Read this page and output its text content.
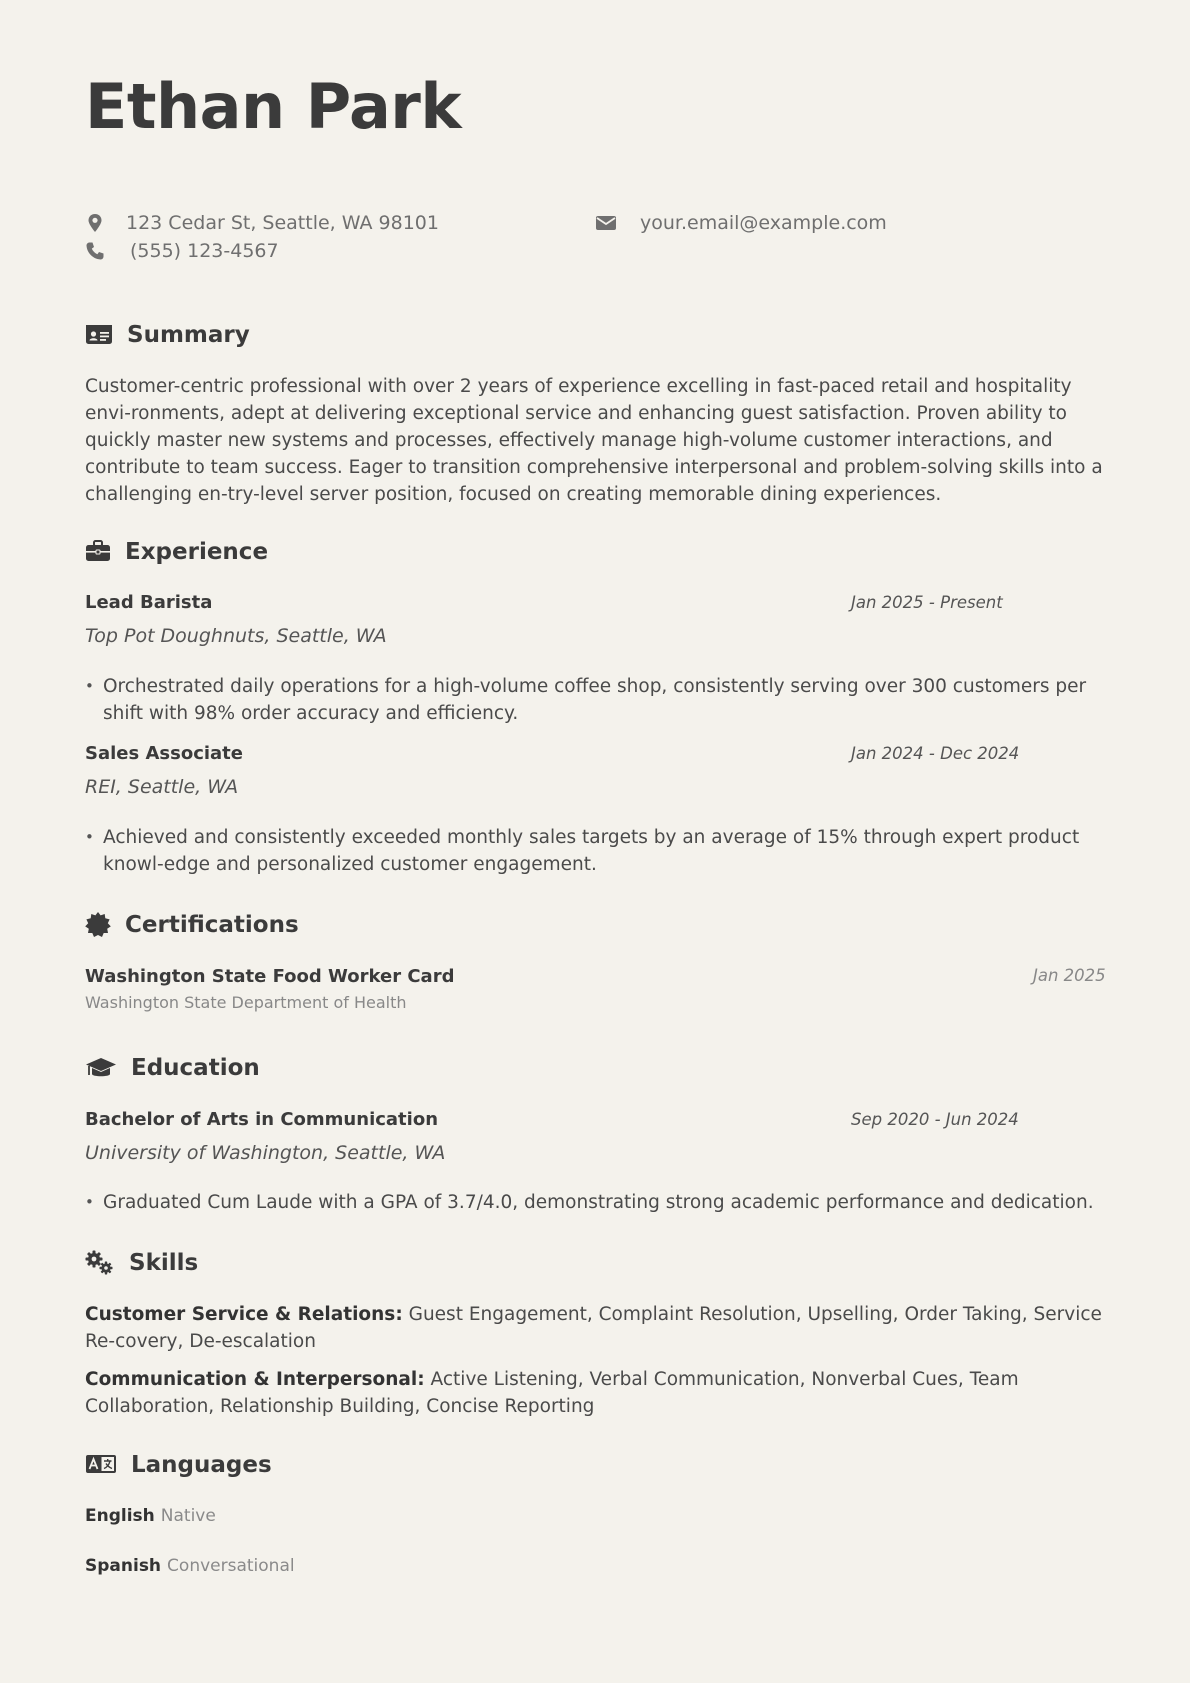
Ethan Park
123 Cedar St, Seattle, WA 98101	your.email@example.com
(555) 123-4567
Summary

Customer-centric professional with over 2 years of experience excelling in fast-paced retail and hospitality envi-ronments, adept at delivering exceptional service and enhancing guest satisfaction. Proven ability to quickly master new systems and processes, effectively manage high-volume customer interactions, and contribute to team success. Eager to transition comprehensive interpersonal and problem-solving skills into a challenging en-try-level server position, focused on creating memorable dining experiences.

Experience
Lead Barista	Jan 2025 - Present
Top Pot Doughnuts, Seattle, WA

• Orchestrated daily operations for a high-volume coffee shop, consistently serving over 300 customers per shift with 98% order accuracy and efficiency.

Sales Associate	Jan 2024 - Dec 2024
REI, Seattle, WA

• Achieved and consistently exceeded monthly sales targets by an average of 15% through expert product knowl-edge and personalized customer engagement.

Certifications
Washington State Food Worker Card	Jan 2025
Washington State Department of Health
Education
Bachelor of Arts in Communication	Sep 2020 - Jun 2024
University of Washington, Seattle, WA

• Graduated Cum Laude with a GPA of 3.7/4.0, demonstrating strong academic performance and dedication.

Skills

Customer Service & Relations: Guest Engagement, Complaint Resolution, Upselling, Order Taking, Service Re-covery, De-escalation

Communication & Interpersonal: Active Listening, Verbal Communication, Nonverbal Cues, Team Collaboration, Relationship Building, Concise Reporting

Languages
English Native
Spanish Conversational
